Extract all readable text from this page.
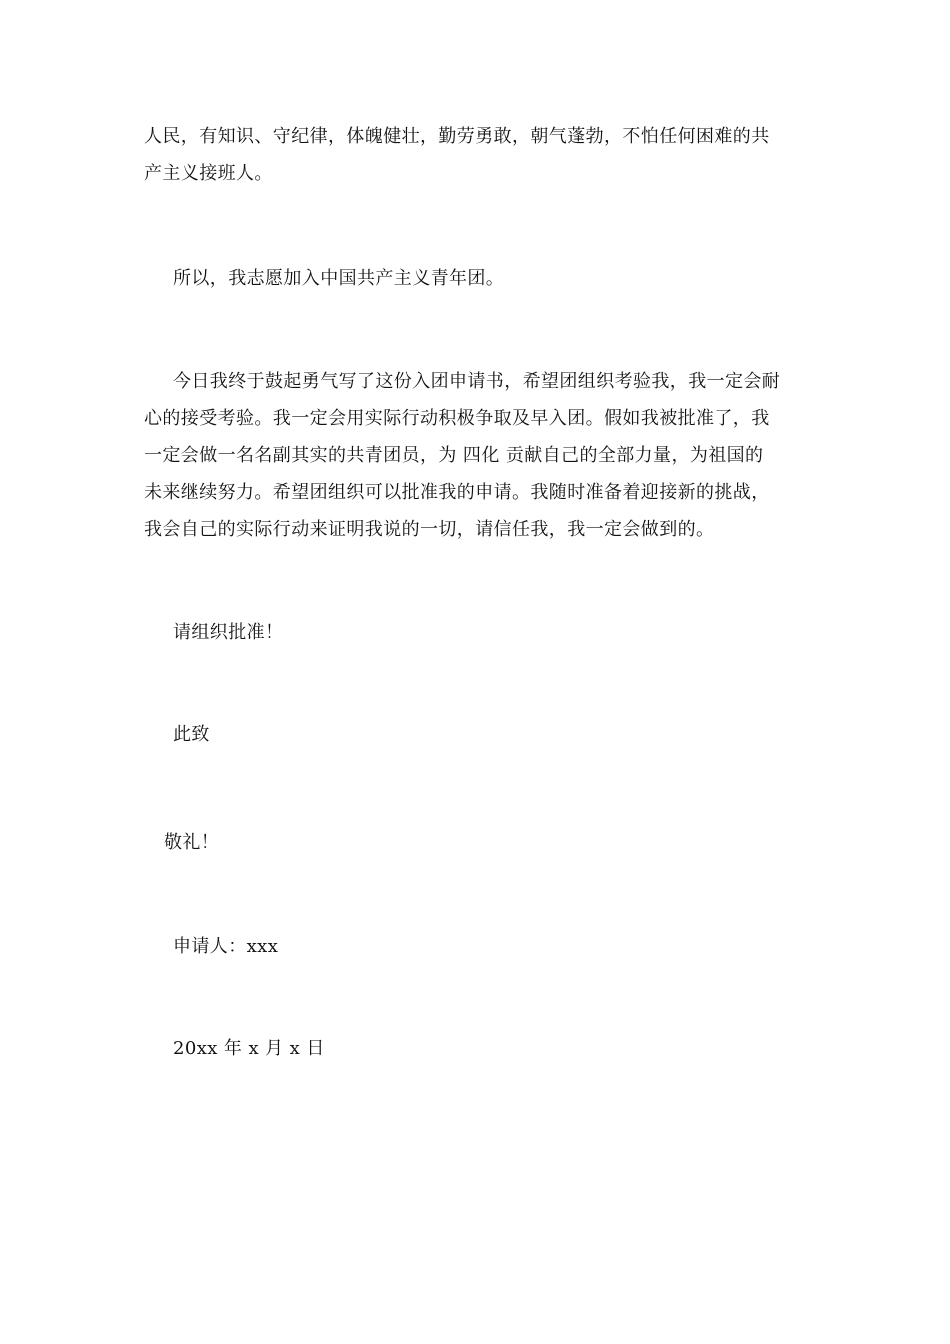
人民，有知识、守纪律，体魄健壮，勤劳勇敢，朝气蓬勃，不怕任何困难的共
产主义接班人。

所以，我志愿加入中国共产主义青年团。

今日我终于鼓起勇气写了这份入团申请书，希望团组织考验我，我一定会耐
心的接受考验。我一定会用实际行动积极争取及早入团。假如我被批准了，我
一定会做一名名副其实的共青团员，为 四化 贡献自己的全部力量，为祖国的
未来继续努力。希望团组织可以批准我的申请。我随时准备着迎接新的挑战，
我会自己的实际行动来证明我说的一切，请信任我，我一定会做到的。

请组织批准！

此致

敬礼！

申请人：xxx

20xx 年 x 月 x 日
